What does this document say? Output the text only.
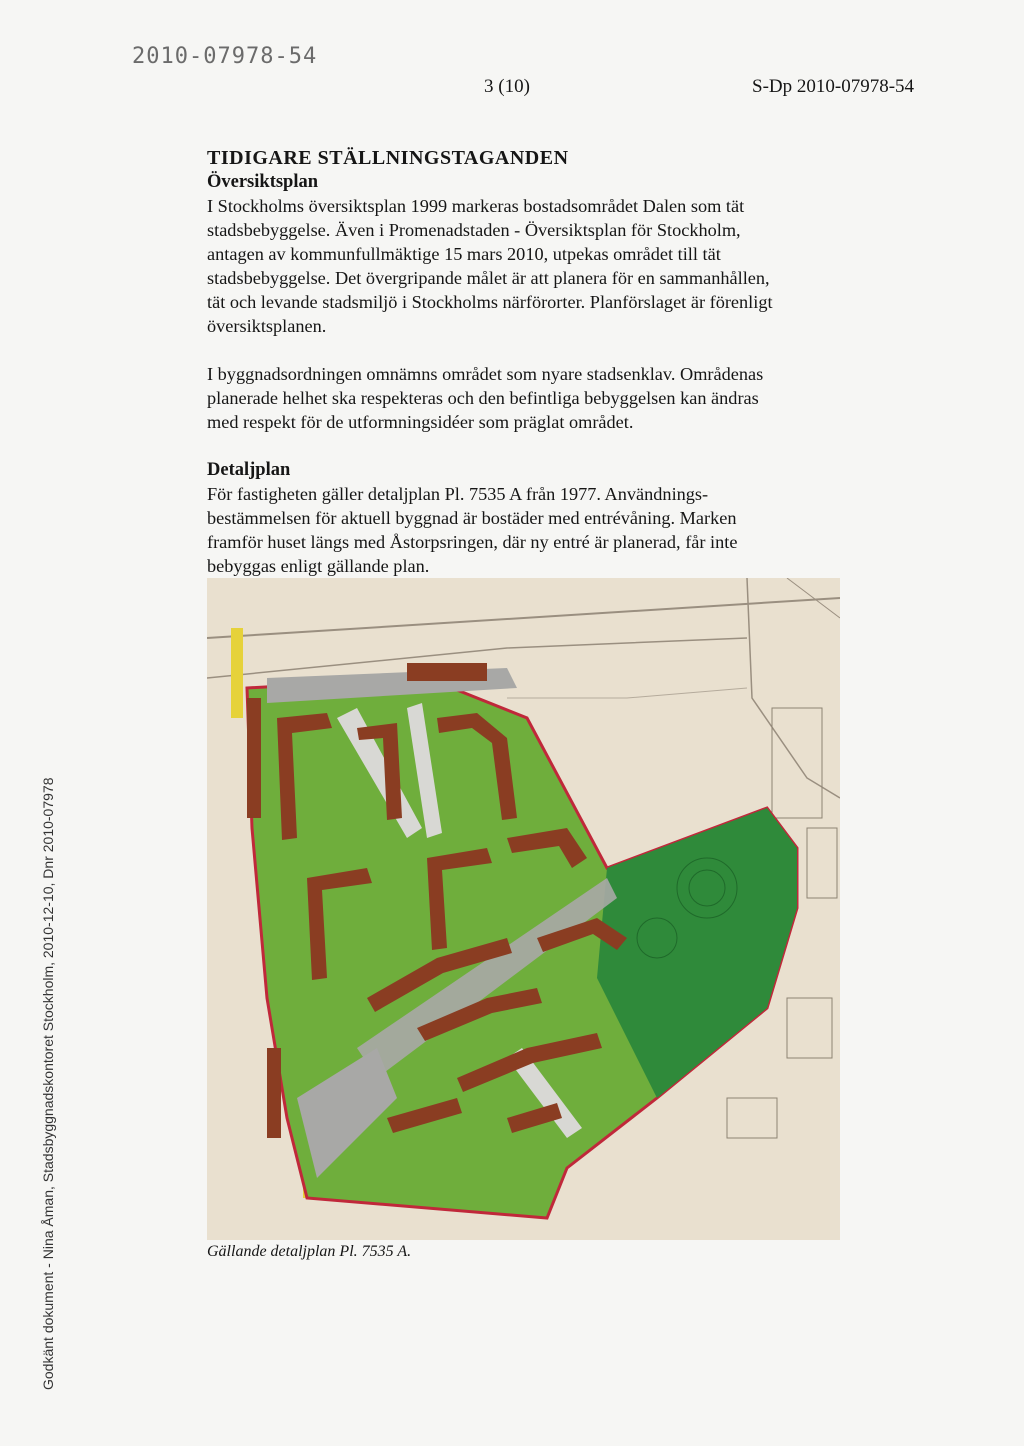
2010-07978-54
3 (10)	S-Dp 2010-07978-54
TIDIGARE STÄLLNINGSTAGANDEN
Översiktsplan

I Stockholms översiktsplan 1999 markeras bostadsområdet Dalen som tät
stadsbebyggelse. Även i Promenadstaden - Översiktsplan för Stockholm,
antagen av kommunfullmäktige 15 mars 2010, utpekas området till tät
stadsbebyggelse. Det övergripande målet är att planera för en sammanhållen,
tät och levande stadsmiljö i Stockholms närförorter. Planförslaget är förenligt
översiktsplanen.

I byggnadsordningen omnämns området som nyare stadsenklav. Områdenas
planerade helhet ska respekteras och den befintliga bebyggelsen kan ändras
med respekt för de utformningsidéer som präglat området.

Detaljplan

För fastigheten gäller detaljplan Pl. 7535 A från 1977. Användnings-
bestämmelsen för aktuell byggnad är bostäder med entrévåning. Marken
framför huset längs med Åstorpsringen, där ny entré är planerad, får inte
bebyggas enligt gällande plan.

Gällande detaljplan Pl. 7535 A.
Godkänt dokument - Nina Åman, Stadsbyggnadskontoret Stockholm, 2010-12-10, Dnr 2010-07978
